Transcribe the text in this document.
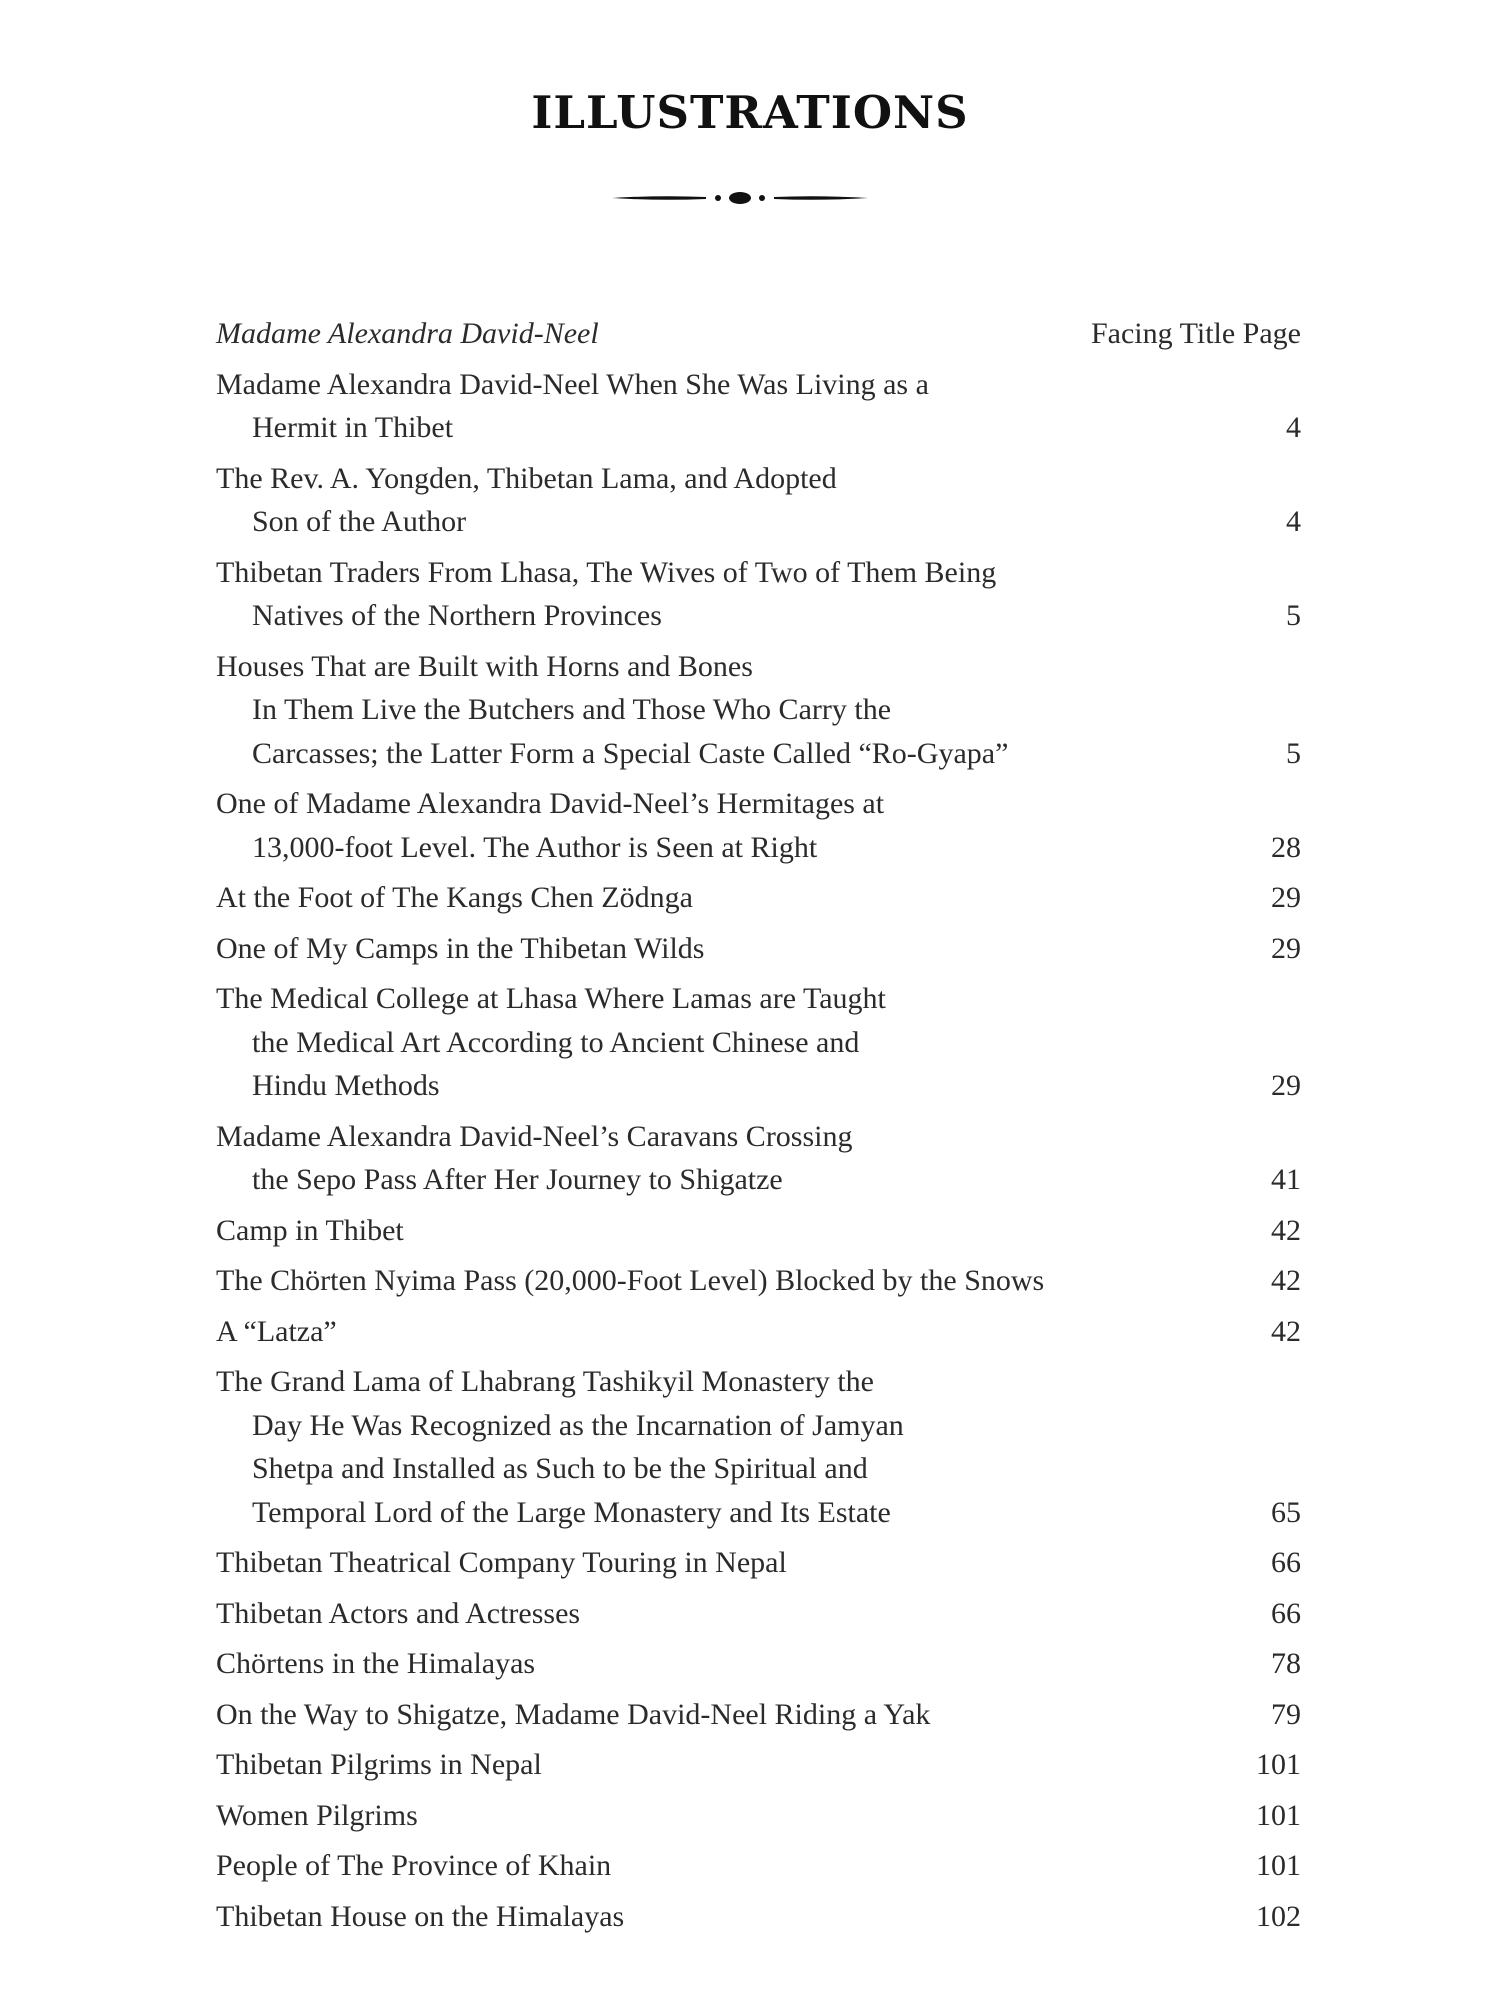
ILLUSTRATIONS
Madame Alexandra David-Neel	Facing Title Page
Madame Alexandra David-Neel When She Was Living as a
Hermit in Thibet	4
The Rev. A. Yongden, Thibetan Lama, and Adopted
Son of the Author	4
Thibetan Traders From Lhasa, The Wives of Two of Them Being
Natives of the Northern Provinces	5
Houses That are Built with Horns and Bones
In Them Live the Butchers and Those Who Carry the
Carcasses; the Latter Form a Special Caste Called “Ro-Gyapa”	5
One of Madame Alexandra David-Neel’s Hermitages at
13,000-foot Level. The Author is Seen at Right	28
At the Foot of The Kangs Chen Zödnga	29
One of My Camps in the Thibetan Wilds	29
The Medical College at Lhasa Where Lamas are Taught
the Medical Art According to Ancient Chinese and
Hindu Methods	29
Madame Alexandra David-Neel’s Caravans Crossing
the Sepo Pass After Her Journey to Shigatze	41
Camp in Thibet	42
The Chörten Nyima Pass (20,000-Foot Level) Blocked by the Snows	42
A “Latza”	42
The Grand Lama of Lhabrang Tashikyil Monastery the
Day He Was Recognized as the Incarnation of Jamyan
Shetpa and Installed as Such to be the Spiritual and
Temporal Lord of the Large Monastery and Its Estate	65
Thibetan Theatrical Company Touring in Nepal	66
Thibetan Actors and Actresses	66
Chörtens in the Himalayas	78
On the Way to Shigatze, Madame David-Neel Riding a Yak	79
Thibetan Pilgrims in Nepal	101
Women Pilgrims	101
People of The Province of Khain	101
Thibetan House on the Himalayas	102
